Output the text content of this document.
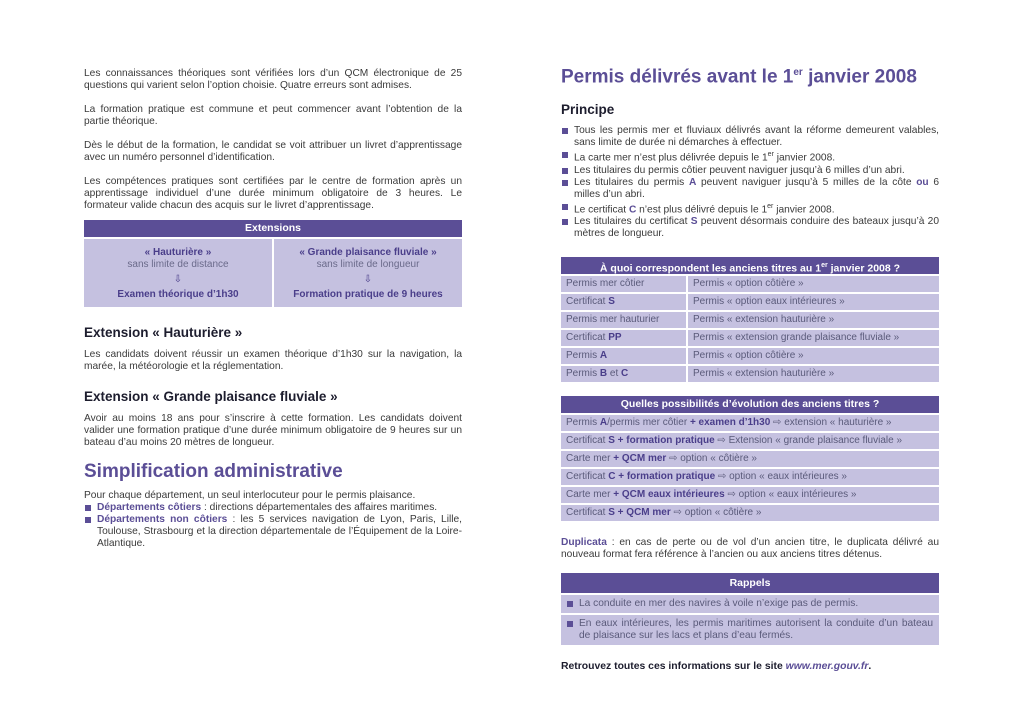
Les connaissances théoriques sont vérifiées lors d’un QCM électronique de 25 questions qui varient selon l’option choisie. Quatre erreurs sont admises.

La formation pratique est commune et peut commencer avant l’obtention de la partie théorique.

Dès le début de la formation, le candidat se voit attribuer un livret d’apprentissage avec un numéro personnel d’identification.

Les compétences pratiques sont certifiées par le centre de formation après un apprentissage individuel d’une durée minimum obligatoire de 3 heures. Le formateur valide chacun des acquis sur le livret d’apprentissage.

Extensions
« Hauturière »
sans limite de distance
⇩
Examen théorique d’1h30
« Grande plaisance fluviale »
sans limite de longueur
⇩
Formation pratique de 9 heures
Extension « Hauturière »

Les candidats doivent réussir un examen théorique d’1h30 sur la navigation, la marée, la météorologie et la réglementation.

Extension « Grande plaisance fluviale »

Avoir au moins 18 ans pour s’inscrire à cette formation. Les candidats doivent valider une formation pratique d’une durée minimum obligatoire de 9 heures sur un bateau d’au moins 20 mètres de longueur.

Simplification administrative

Pour chaque département, un seul interlocuteur pour le permis plaisance.

Départements côtiers : directions départementales des affaires maritimes.
Départements non côtiers : les 5 services navigation de Lyon, Paris, Lille, Toulouse, Strasbourg et la direction départementale de l’Équipement de la Loire-Atlantique.
Permis délivrés avant le 1er janvier 2008
Principe
Tous les permis mer et fluviaux délivrés avant la réforme demeurent valables, sans limite de durée ni démarches à effectuer.
La carte mer n’est plus délivrée depuis le 1er janvier 2008.
Les titulaires du permis côtier peuvent naviguer jusqu’à 6 milles d’un abri.
Les titulaires du permis A peuvent naviguer jusqu’à 5 milles de la côte ou 6 milles d’un abri.
Le certificat C n’est plus délivré depuis le 1er janvier 2008.
Les titulaires du certificat S peuvent désormais conduire des bateaux jusqu’à 20 mètres de longueur.
À quoi correspondent les anciens titres au 1er janvier 2008 ?
Permis mer côtier	Permis « option côtière »
Certificat S	Permis « option eaux intérieures »
Permis mer hauturier	Permis « extension hauturière »
Certificat PP	Permis « extension grande plaisance fluviale »
Permis A	Permis « option côtière »
Permis B et C	Permis « extension hauturière »
Quelles possibilités d’évolution des anciens titres ?
Permis A/permis mer côtier + examen d’1h30 ⇨ extension « hauturière »
Certificat S + formation pratique ⇨ Extension « grande plaisance fluviale »
Carte mer + QCM mer ⇨ option « côtière »
Certificat C + formation pratique ⇨ option « eaux intérieures »
Carte mer + QCM eaux intérieures ⇨ option « eaux intérieures »
Certificat S + QCM mer ⇨ option « côtière »

Duplicata : en cas de perte ou de vol d’un ancien titre, le duplicata délivré au nouveau format fera référence à l’ancien ou aux anciens titres détenus.

Rappels
La conduite en mer des navires à voile n’exige pas de permis.
En eaux intérieures, les permis maritimes autorisent la conduite d’un bateau de plaisance sur les lacs et plans d’eau fermés.

Retrouvez toutes ces informations sur le site www.mer.gouv.fr.
